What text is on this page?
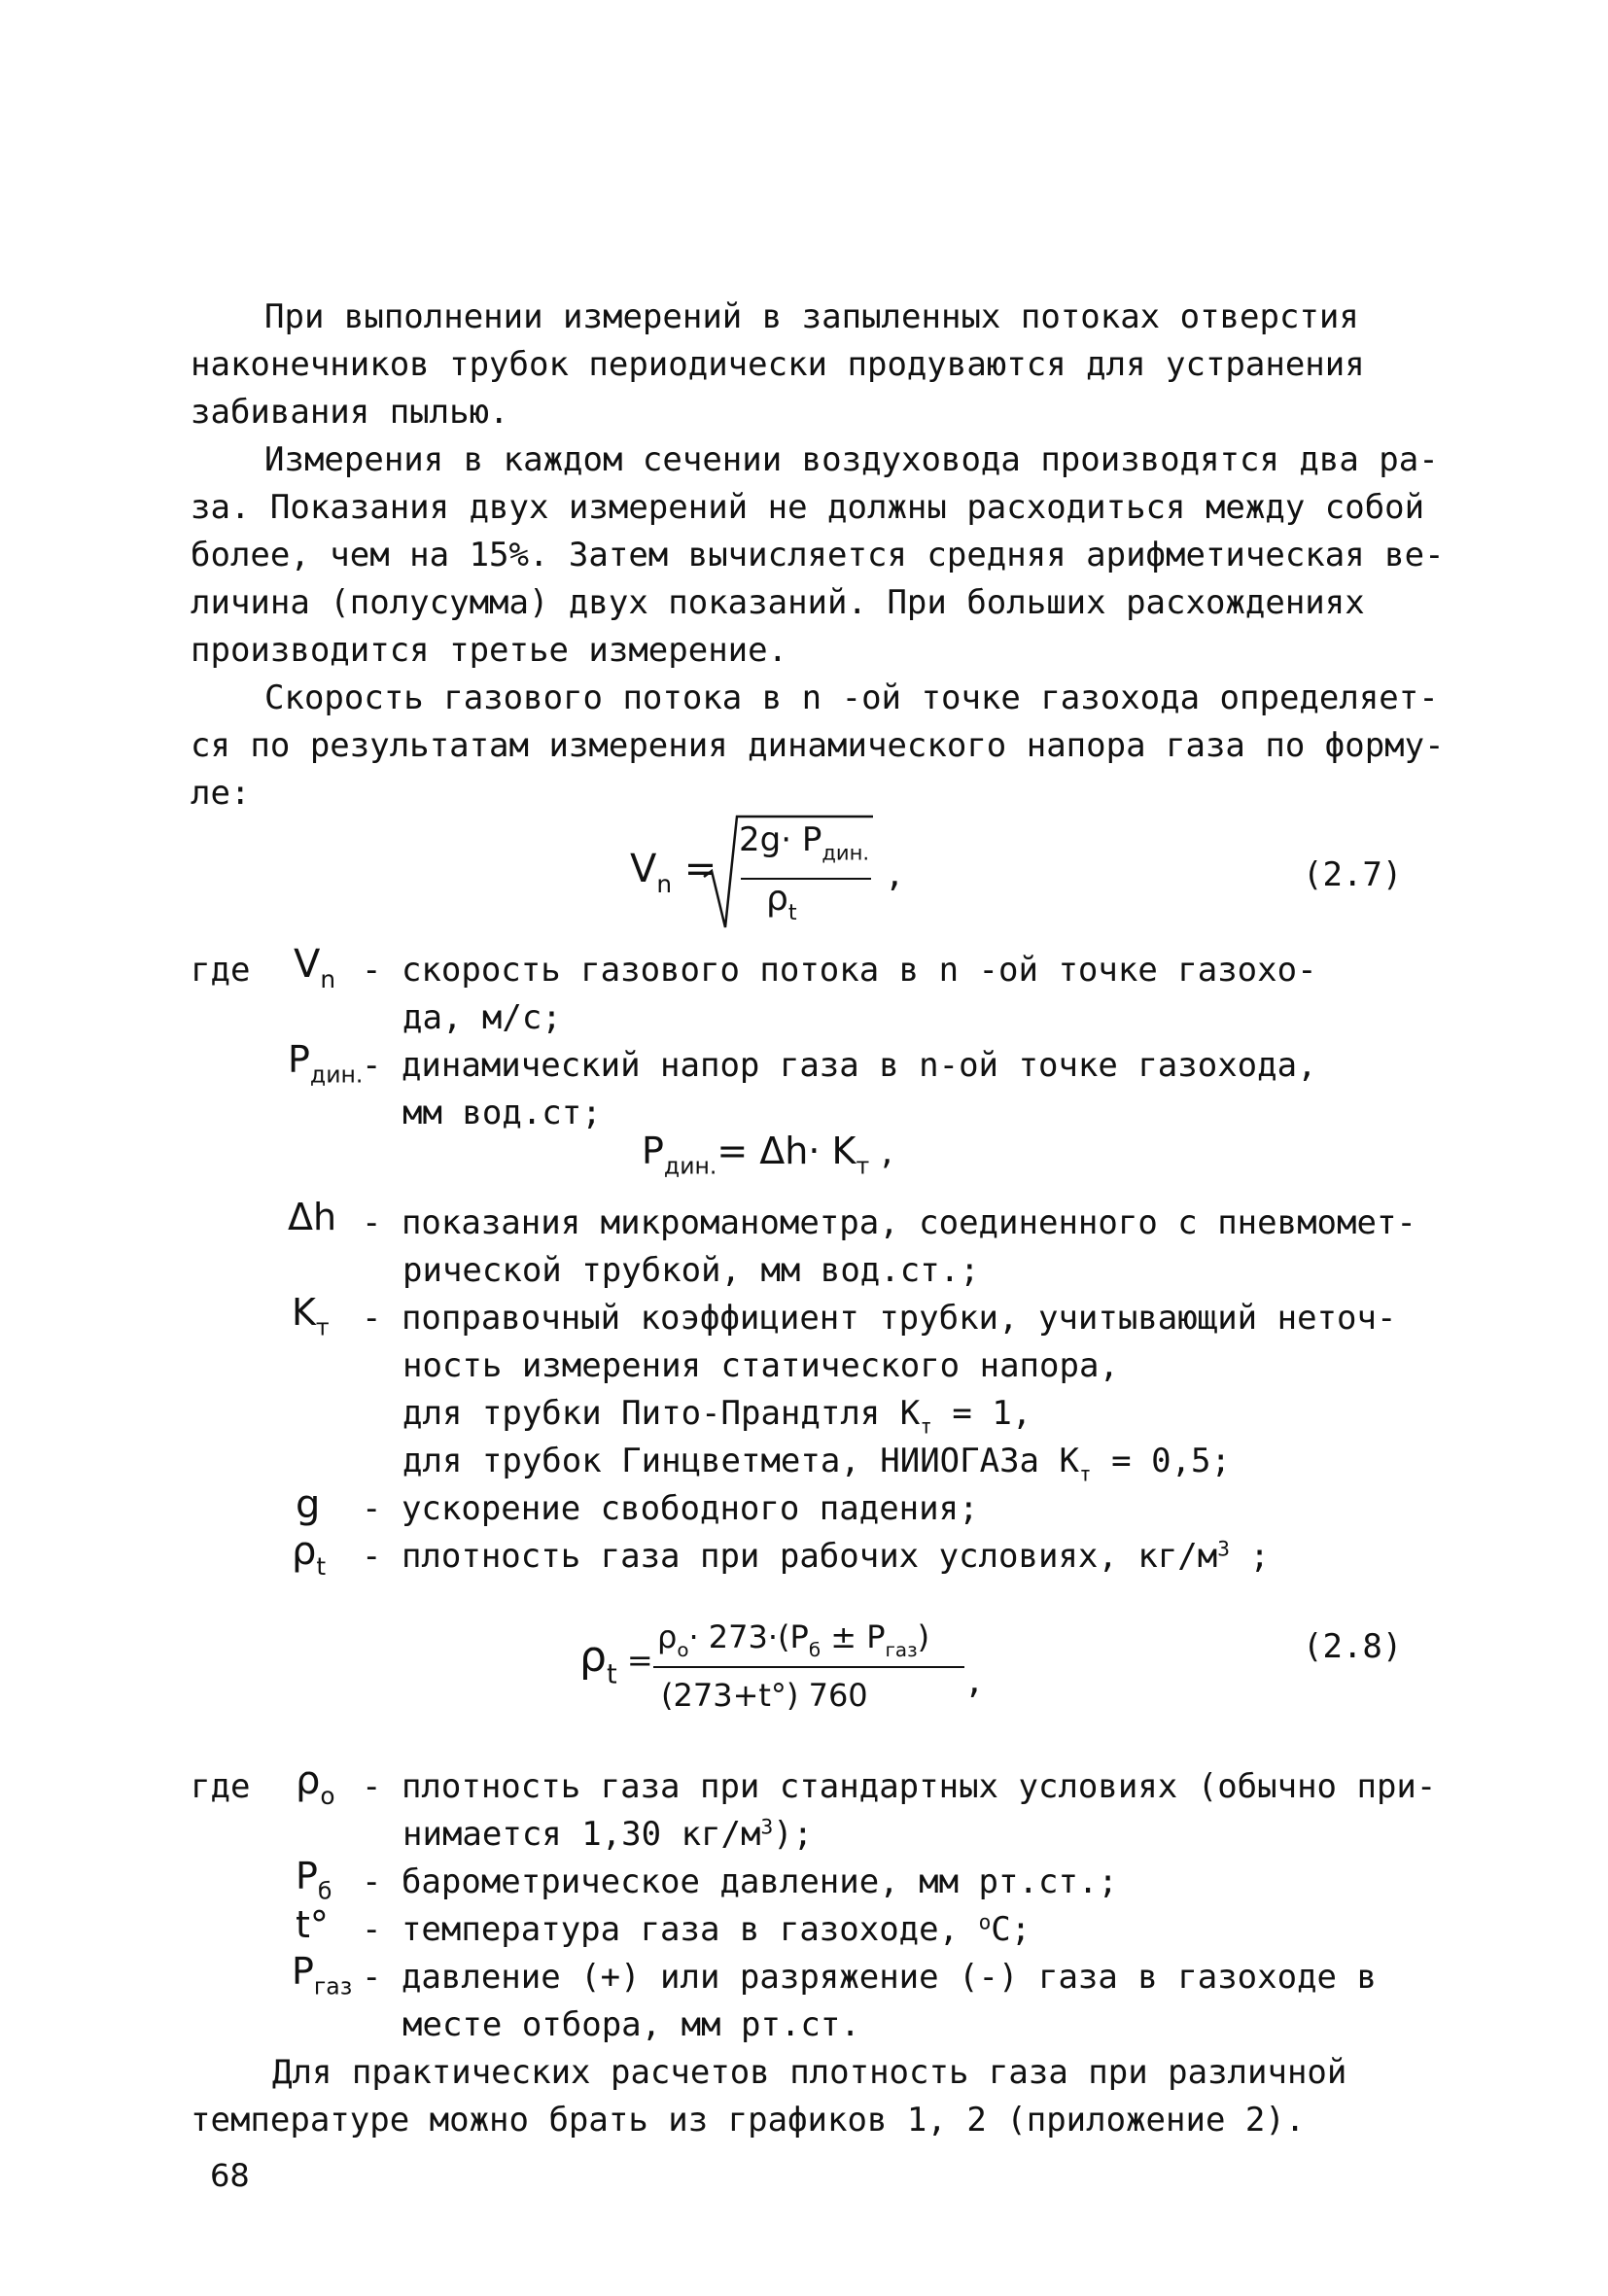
При выполнении измерений в запыленных потоках отверстия
наконечников трубок периодически продуваются для устранения
забивания пылью.
Измерения в каждом сечении воздуховода производятся два ра-
за. Показания двух измерений не должны расходиться между собой
более, чем на 15%. Затем вычисляется средняя арифметическая ве-
личина (полусумма) двух показаний. При больших расхождениях
производится третье измерение.
Скорость газового потока в n -ой точке газохода определяет-
ся по результатам измерения динамического напора газа по форму-
ле:
$V_n$ =
$2g\cdot P_{дин.}$
$\rho_t$
,	(2.7)
где $V_n$ - скорость газового потока в n -ой точке газохо-
да, м/с;
$P_{дин.}$
- динамический напор газа в n-ой точке газохода,
мм вод.ст;
$P_{дин.}= \Delta h\cdot K_т$ ,
Δh - показания микроманометра, соединенного с пневмомет-
рической трубкой, мм вод.ст.;
$K_т$ - поправочный коэффициент трубки, учитывающий неточ-
ность измерения статического напора,
для трубки Пито-Прандтля $K_т = 1$,
для трубок Гинцветмета, НИИОГАЗа $K_т = 0,5$;
g - ускорение свободного падения;
$\rho_t$ - плотность газа при рабочих условиях, $кг/м^3$ ;
$\rho_t$ =
$\rho_o\cdot 273\cdot(P_б \pm P_{газ})$
(273+t°) 760	,
(2.8)
где $\rho_o$ - плотность газа при стандартных условиях (обычно при-
нимается 1,30 $кг/м^3$);
$P_б$ - барометрическое давление, мм рт.ст.;
t° - температура газа в газоходе, $^o$С;
$P_{газ}$ - давление (+) или разряжение (-) газа в газоходе в
месте отбора, мм рт.ст.
Для практических расчетов плотность газа при различной
температуре можно брать из графиков 1, 2 (приложение 2).
68
